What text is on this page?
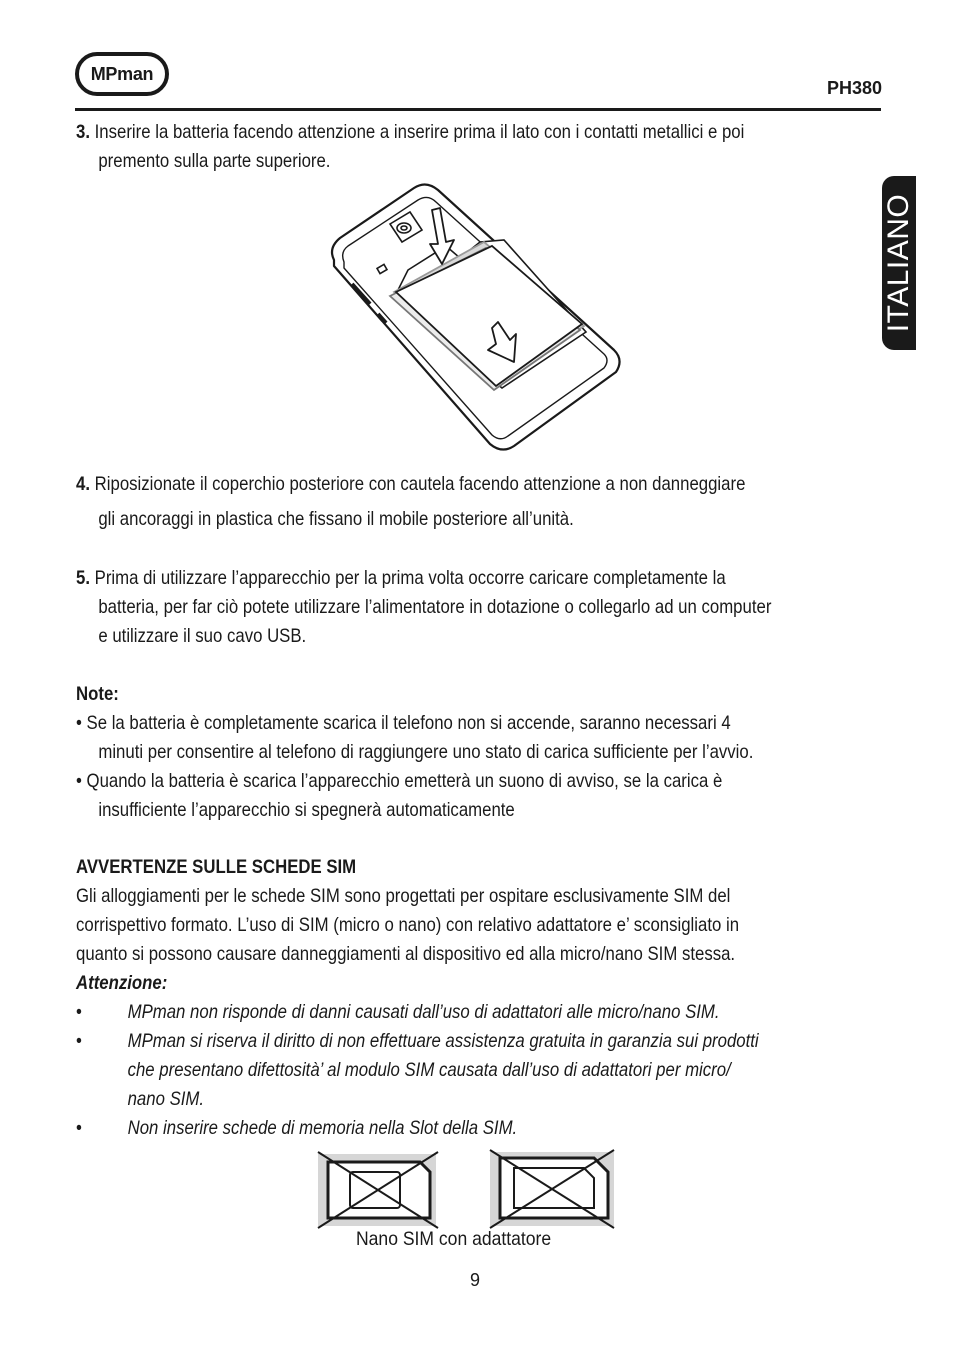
MPman
PH380
ITALIANO
3. Inserire la batteria facendo attenzione a inserire prima il lato con i contatti metallici e poi
premento sulla parte superiore.
4. Riposizionate il coperchio posteriore con cautela facendo attenzione a non danneggiare
gli ancoraggi in plastica che fissano il mobile posteriore all’unità.
5. Prima di utilizzare l’apparecchio per la prima volta occorre caricare completamente la
batteria, per far ciò potete utilizzare l’alimentatore in dotazione o collegarlo ad un computer
e utilizzare il suo cavo USB.
Note:
• Se la batteria è completamente scarica il telefono non si accende, saranno necessari 4
minuti per consentire al telefono di raggiungere uno stato di carica sufficiente per l’avvio.
• Quando la batteria è scarica l’apparecchio emetterà un suono di avviso, se la carica è
insufficiente l’apparecchio si spegnerà automaticamente
AVVERTENZE SULLE SCHEDE SIM
Gli alloggiamenti per le schede SIM sono progettati per ospitare esclusivamente SIM del
corrispettivo formato. L’uso di SIM (micro o nano) con relativo adattatore e’ sconsigliato in
quanto si possono causare danneggiamenti al dispositivo ed alla micro/nano SIM stessa.
Attenzione:
•	MPman non risponde di danni causati dall’uso di adattatori alle micro/nano SIM.
•	MPman si riserva il diritto di non effettuare assistenza gratuita in garanzia sui prodotti
che presentano difettosità’ al modulo SIM causata dall’uso di adattatori per micro/
nano SIM.
•	Non inserire schede di memoria nella Slot della SIM.
Nano SIM con adattatore
9
